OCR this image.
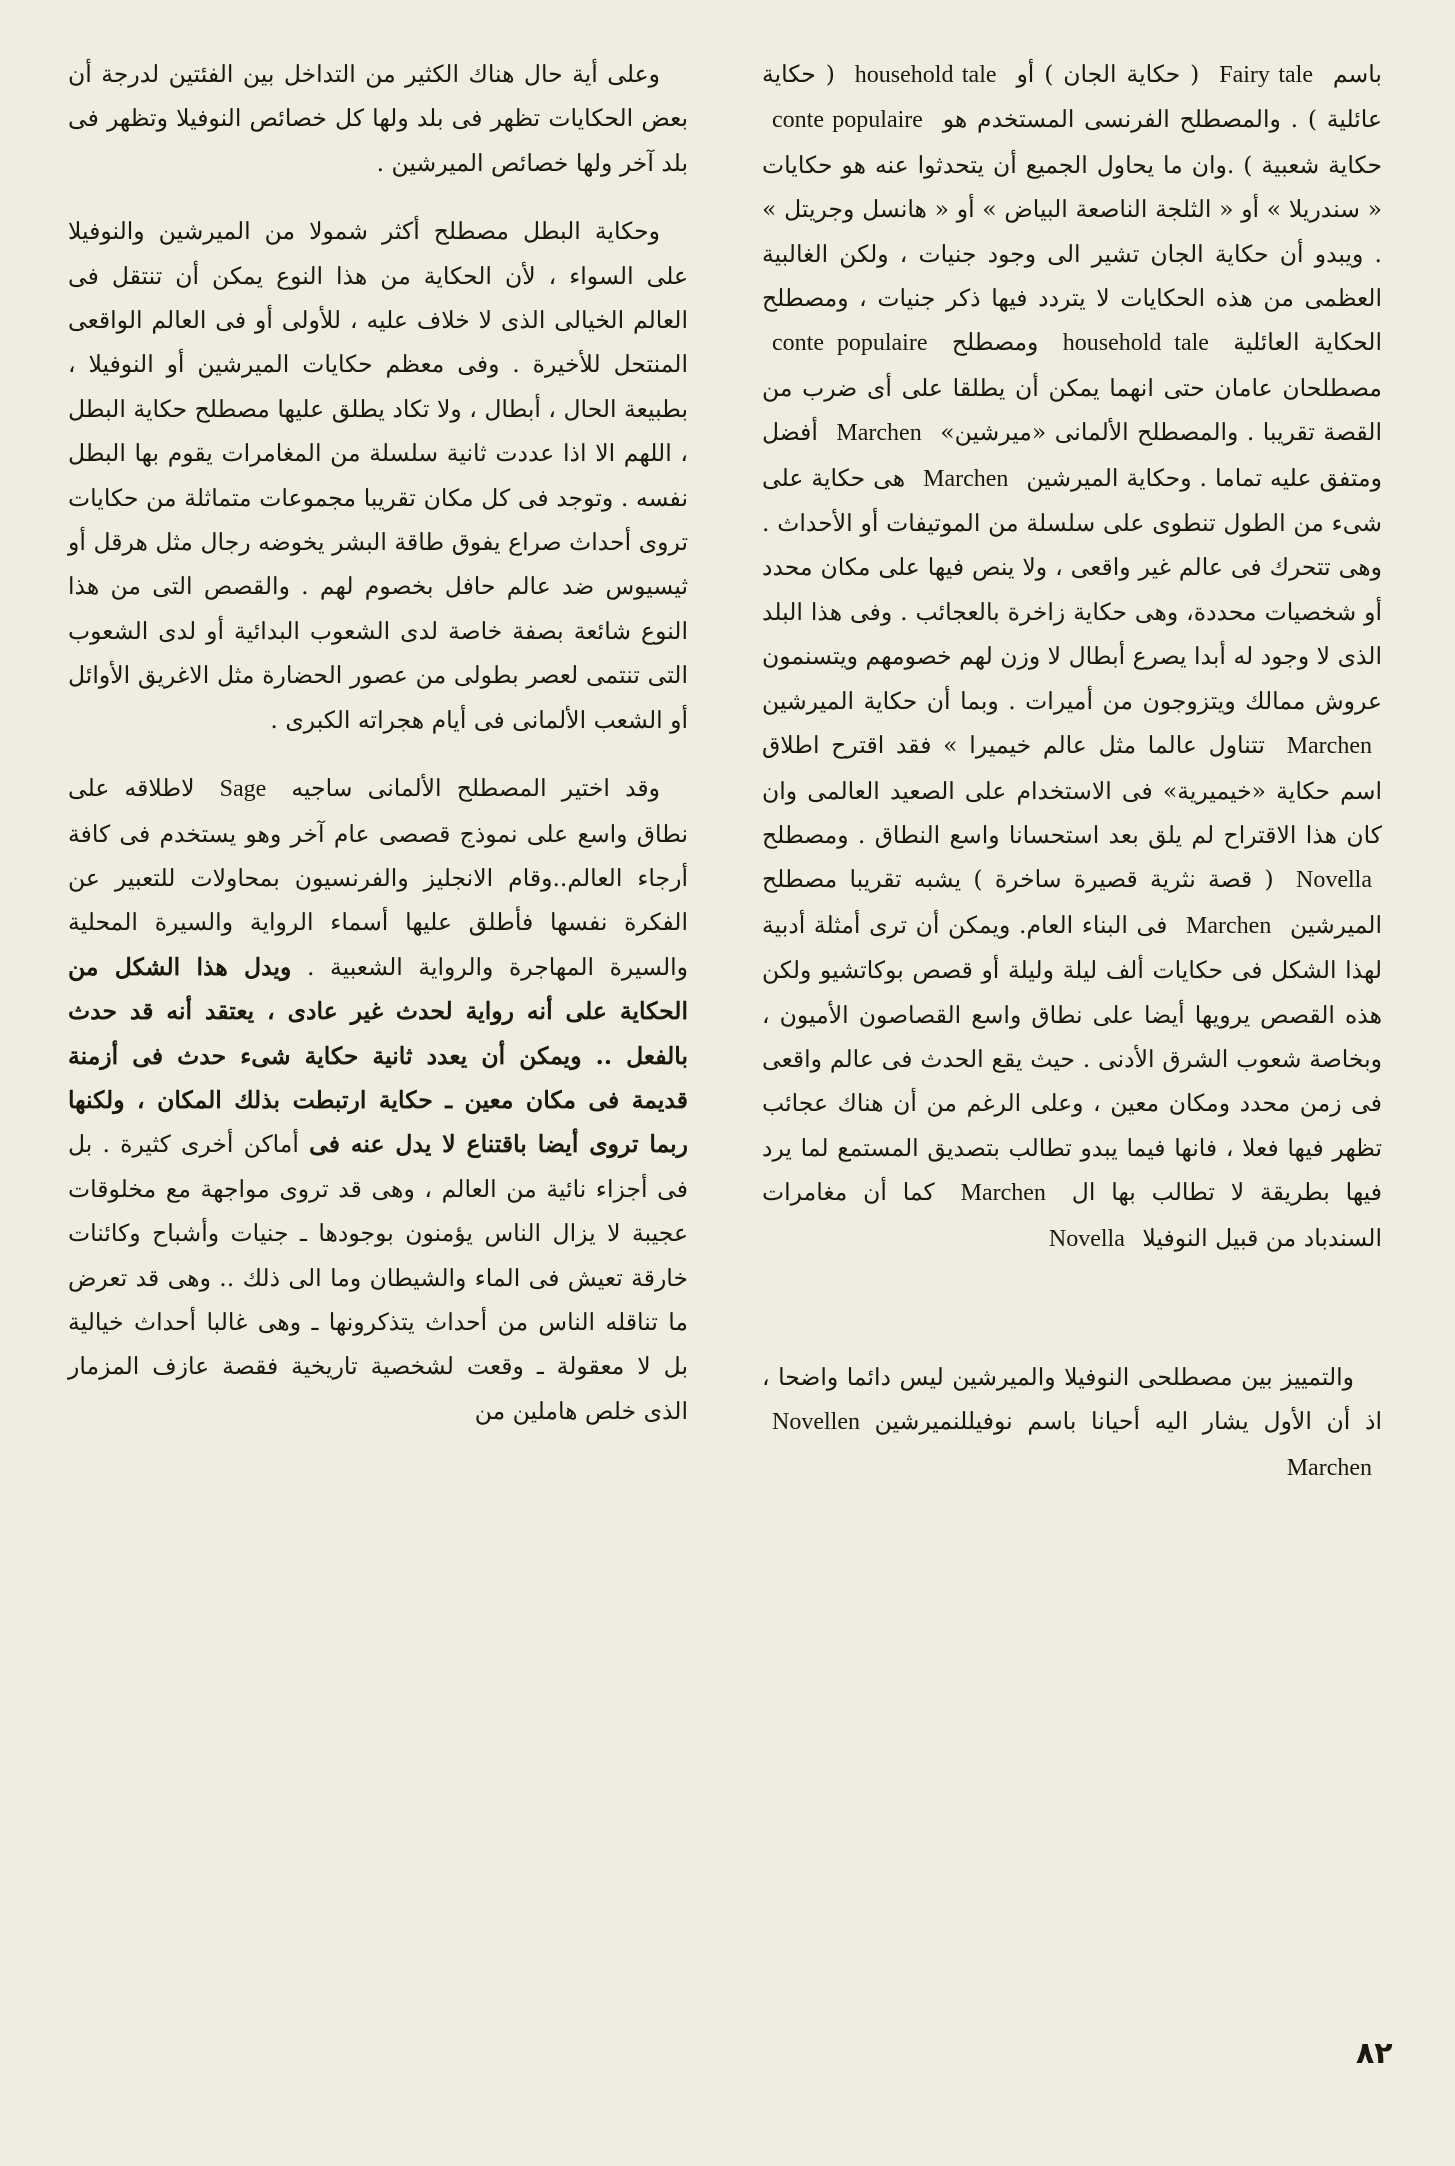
باسم Fairy tale ( حكاية الجان ) أو household tale ( حكاية عائلية ) . والمصطلح الفرنسى المستخدم هو conte populaire حكاية شعبية ) .وان ما يحاول الجميع أن يتحدثوا عنه هو حكايات « سندريلا » أو « الثلجة الناصعة البياض » أو « هانسل وجريتل » . ويبدو أن حكاية الجان تشير الى وجود جنيات ، ولكن الغالبية العظمى من هذه الحكايات لا يتردد فيها ذكر جنيات ، ومصطلح الحكاية العائلية household tale ومصطلح conte populaire مصطلحان عامان حتى انهما يمكن أن يطلقا على أى ضرب من القصة تقريبا . والمصطلح الألمانى «ميرشين» Marchen أفضل ومتفق عليه تماما . وحكاية الميرشين Marchen هى حكاية على شىء من الطول تنطوى على سلسلة من الموتيفات أو الأحداث . وهى تتحرك فى عالم غير واقعى ، ولا ينص فيها على مكان محدد أو شخصيات محددة، وهى حكاية زاخرة بالعجائب . وفى هذا البلد الذى لا وجود له أبدا يصرع أبطال لا وزن لهم خصومهم ويتسنمون عروش ممالك ويتزوجون من أميرات . وبما أن حكاية الميرشين Marchen تتناول عالما مثل عالم خيميرا » فقد اقترح اطلاق اسم حكاية «خيميرية» فى الاستخدام على الصعيد العالمى وان كان هذا الاقتراح لم يلق بعد استحسانا واسع النطاق . ومصطلح Novella ( قصة نثرية قصيرة ساخرة ) يشبه تقريبا مصطلح الميرشين Marchen فى البناء العام. ويمكن أن ترى أمثلة أدبية لهذا الشكل فى حكايات ألف ليلة وليلة أو قصص بوكاتشيو ولكن هذه القصص يرويها أيضا على نطاق واسع القصاصون الأميون ، وبخاصة شعوب الشرق الأدنى . حيث يقع الحدث فى عالم واقعى فى زمن محدد ومكان معين ، وعلى الرغم من أن هناك عجائب تظهر فيها فعلا ، فانها فيما يبدو تطالب بتصديق المستمع لما يرد فيها بطريقة لا تطالب بها ال Marchen كما أن مغامرات السندباد من قبيل النوفيلا Novella

والتمييز بين مصطلحى النوفيلا والميرشين ليس دائما واضحا ، اذ أن الأول يشار اليه أحيانا باسم نوفيللنميرشين Novellen Marchen

وعلى أية حال هناك الكثير من التداخل بين الفئتين لدرجة أن بعض الحكايات تظهر فى بلد ولها كل خصائص النوفيلا وتظهر فى بلد آخر ولها خصائص الميرشين .

وحكاية البطل مصطلح أكثر شمولا من الميرشين والنوفيلا على السواء ، لأن الحكاية من هذا النوع يمكن أن تنتقل فى العالم الخيالى الذى لا خلاف عليه ، للأولى أو فى العالم الواقعى المنتحل للأخيرة . وفى معظم حكايات الميرشين أو النوفيلا ، بطبيعة الحال ، أبطال ، ولا تكاد يطلق عليها مصطلح حكاية البطل ، اللهم الا اذا عددت ثانية سلسلة من المغامرات يقوم بها البطل نفسه . وتوجد فى كل مكان تقريبا مجموعات متماثلة من حكايات تروى أحداث صراع يفوق طاقة البشر يخوضه رجال مثل هرقل أو ثيسيوس ضد عالم حافل بخصوم لهم . والقصص التى من هذا النوع شائعة بصفة خاصة لدى الشعوب البدائية أو لدى الشعوب التى تنتمى لعصر بطولى من عصور الحضارة مثل الاغريق الأوائل أو الشعب الألمانى فى أيام هجراته الكبرى .

وقد اختير المصطلح الألمانى ساجيه Sage لاطلاقه على نطاق واسع على نموذج قصصى عام آخر وهو يستخدم فى كافة أرجاء العالم..وقام الانجليز والفرنسيون بمحاولات للتعبير عن الفكرة نفسها فأطلق عليها أسماء الرواية والسيرة المحلية والسيرة المهاجرة والرواية الشعبية . ويدل هذا الشكل من الحكاية على أنه رواية لحدث غير عادى ، يعتقد أنه قد حدث بالفعل .. ويمكن أن يعدد ثانية حكاية شىء حدث فى أزمنة قديمة فى مكان معين ـ حكاية ارتبطت بذلك المكان ، ولكنها ربما تروى أيضا باقتناع لا يدل عنه فى أماكن أخرى كثيرة . بل فى أجزاء نائية من العالم ، وهى قد تروى مواجهة مع مخلوقات عجيبة لا يزال الناس يؤمنون بوجودها ـ جنيات وأشباح وكائنات خارقة تعيش فى الماء والشيطان وما الى ذلك .. وهى قد تعرض ما تناقله الناس من أحداث يتذكرونها ـ وهى غالبا أحداث خيالية بل لا معقولة ـ وقعت لشخصية تاريخية فقصة عازف المزمار الذى خلص هاملين من

٨٢
